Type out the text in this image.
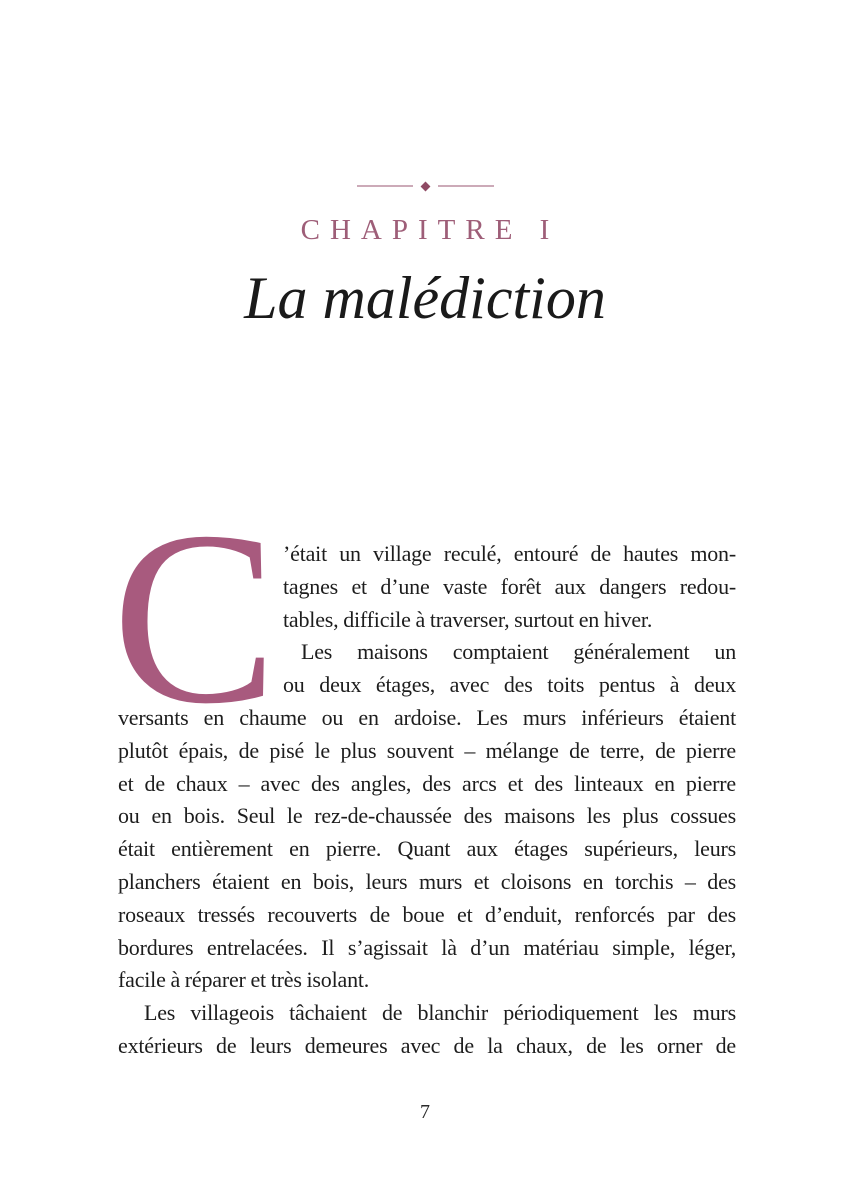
CHAPITRE I
La malédiction
C ’était un village reculé, entouré de hautes mon-
tagnes et d’une vaste forêt aux dangers redou-
tables, difficile à traverser, surtout en hiver.
Les maisons comptaient généralement un
ou deux étages, avec des toits pentus à deux
versants en chaume ou en ardoise. Les murs inférieurs étaient
plutôt épais, de pisé le plus souvent – mélange de terre, de pierre
et de chaux – avec des angles, des arcs et des linteaux en pierre
ou en bois. Seul le rez-de-chaussée des maisons les plus cossues
était entièrement en pierre. Quant aux étages supérieurs, leurs
planchers étaient en bois, leurs murs et cloisons en torchis – des
roseaux tressés recouverts de boue et d’enduit, renforcés par des
bordures entrelacées. Il s’agissait là d’un matériau simple, léger,
facile à réparer et très isolant.
Les villageois tâchaient de blanchir périodiquement les murs
extérieurs de leurs demeures avec de la chaux, de les orner de
7
